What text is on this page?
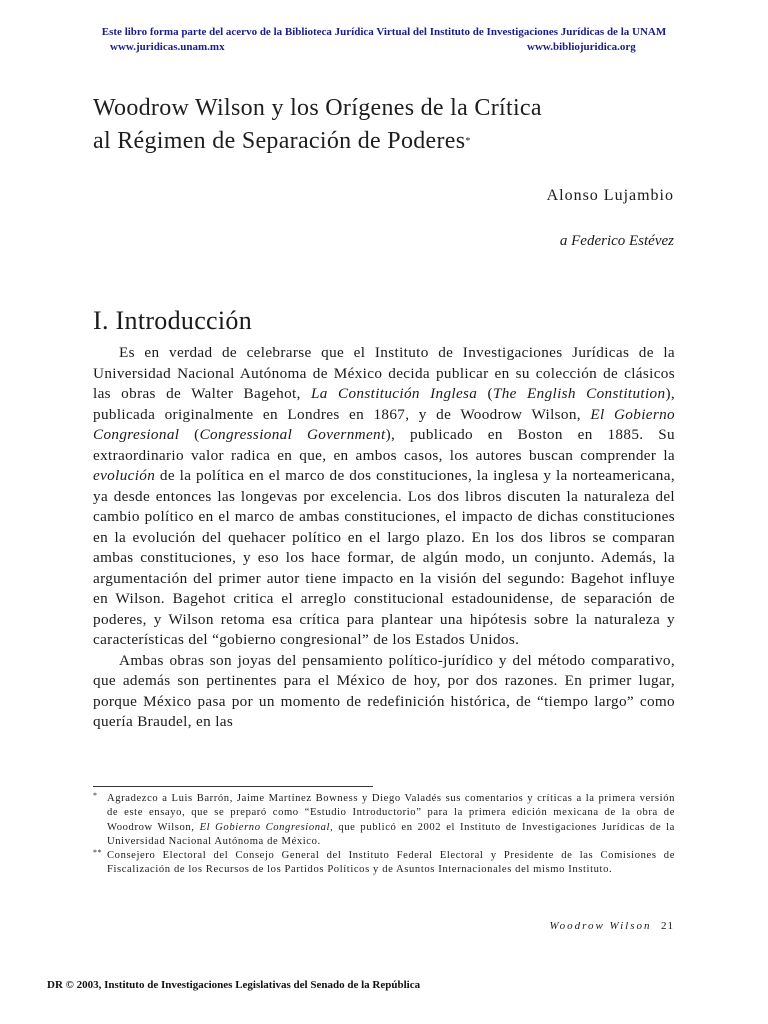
Este libro forma parte del acervo de la Biblioteca Jurídica Virtual del Instituto de Investigaciones Jurídicas de la UNAM
www.juridicas.unam.mx	www.bibliojuridica.org
Woodrow Wilson y los Orígenes de la Crítica
al Régimen de Separación de Poderes*
Alonso Lujambio
a Federico Estévez
I. Introducción

Es en verdad de celebrarse que el Instituto de Investigaciones Jurídicas de la Universidad Nacional Autónoma de México decida publicar en su colección de clásicos las obras de Walter Bagehot, La Constitución Inglesa (The English Constitution), publicada originalmente en Londres en 1867, y de Woodrow Wilson, El Gobierno Congresional (Congressional Government), publicado en Boston en 1885. Su extraordinario valor radica en que, en ambos casos, los autores buscan comprender la evolución de la política en el marco de dos constituciones, la inglesa y la norteamericana, ya desde entonces las longevas por excelencia. Los dos libros discuten la naturaleza del cambio político en el marco de ambas constituciones, el impacto de dichas constituciones en la evolución del quehacer político en el largo plazo. En los dos libros se comparan ambas constituciones, y eso los hace formar, de algún modo, un conjunto. Además, la argumentación del primer autor tiene impacto en la visión del segundo: Bagehot influye en Wilson. Bagehot critica el arreglo constitucional estadounidense, de separación de poderes, y Wilson retoma esa crítica para plantear una hipótesis sobre la naturaleza y características del “gobierno congresional” de los Estados Unidos.

Ambas obras son joyas del pensamiento político-jurídico y del método comparativo, que además son pertinentes para el México de hoy, por dos razones. En primer lugar, porque México pasa por un momento de redefinición histórica, de “tiempo largo” como quería Braudel, en las

* Agradezco a Luis Barrón, Jaime Martínez Bowness y Diego Valadés sus comentarios y críticas a la primera versión de este ensayo, que se preparó como “Estudio Introductorio” para la primera edición mexicana de la obra de Woodrow Wilson, El Gobierno Congresional, que publicó en 2002 el Instituto de Investigaciones Jurídicas de la Universidad Nacional Autónoma de México.

** Consejero Electoral del Consejo General del Instituto Federal Electoral y Presidente de las Comisiones de Fiscalización de los Recursos de los Partidos Políticos y de Asuntos Internacionales del mismo Instituto.

Woodrow Wilson 21
DR © 2003, Instituto de Investigaciones Legislativas del Senado de la República
